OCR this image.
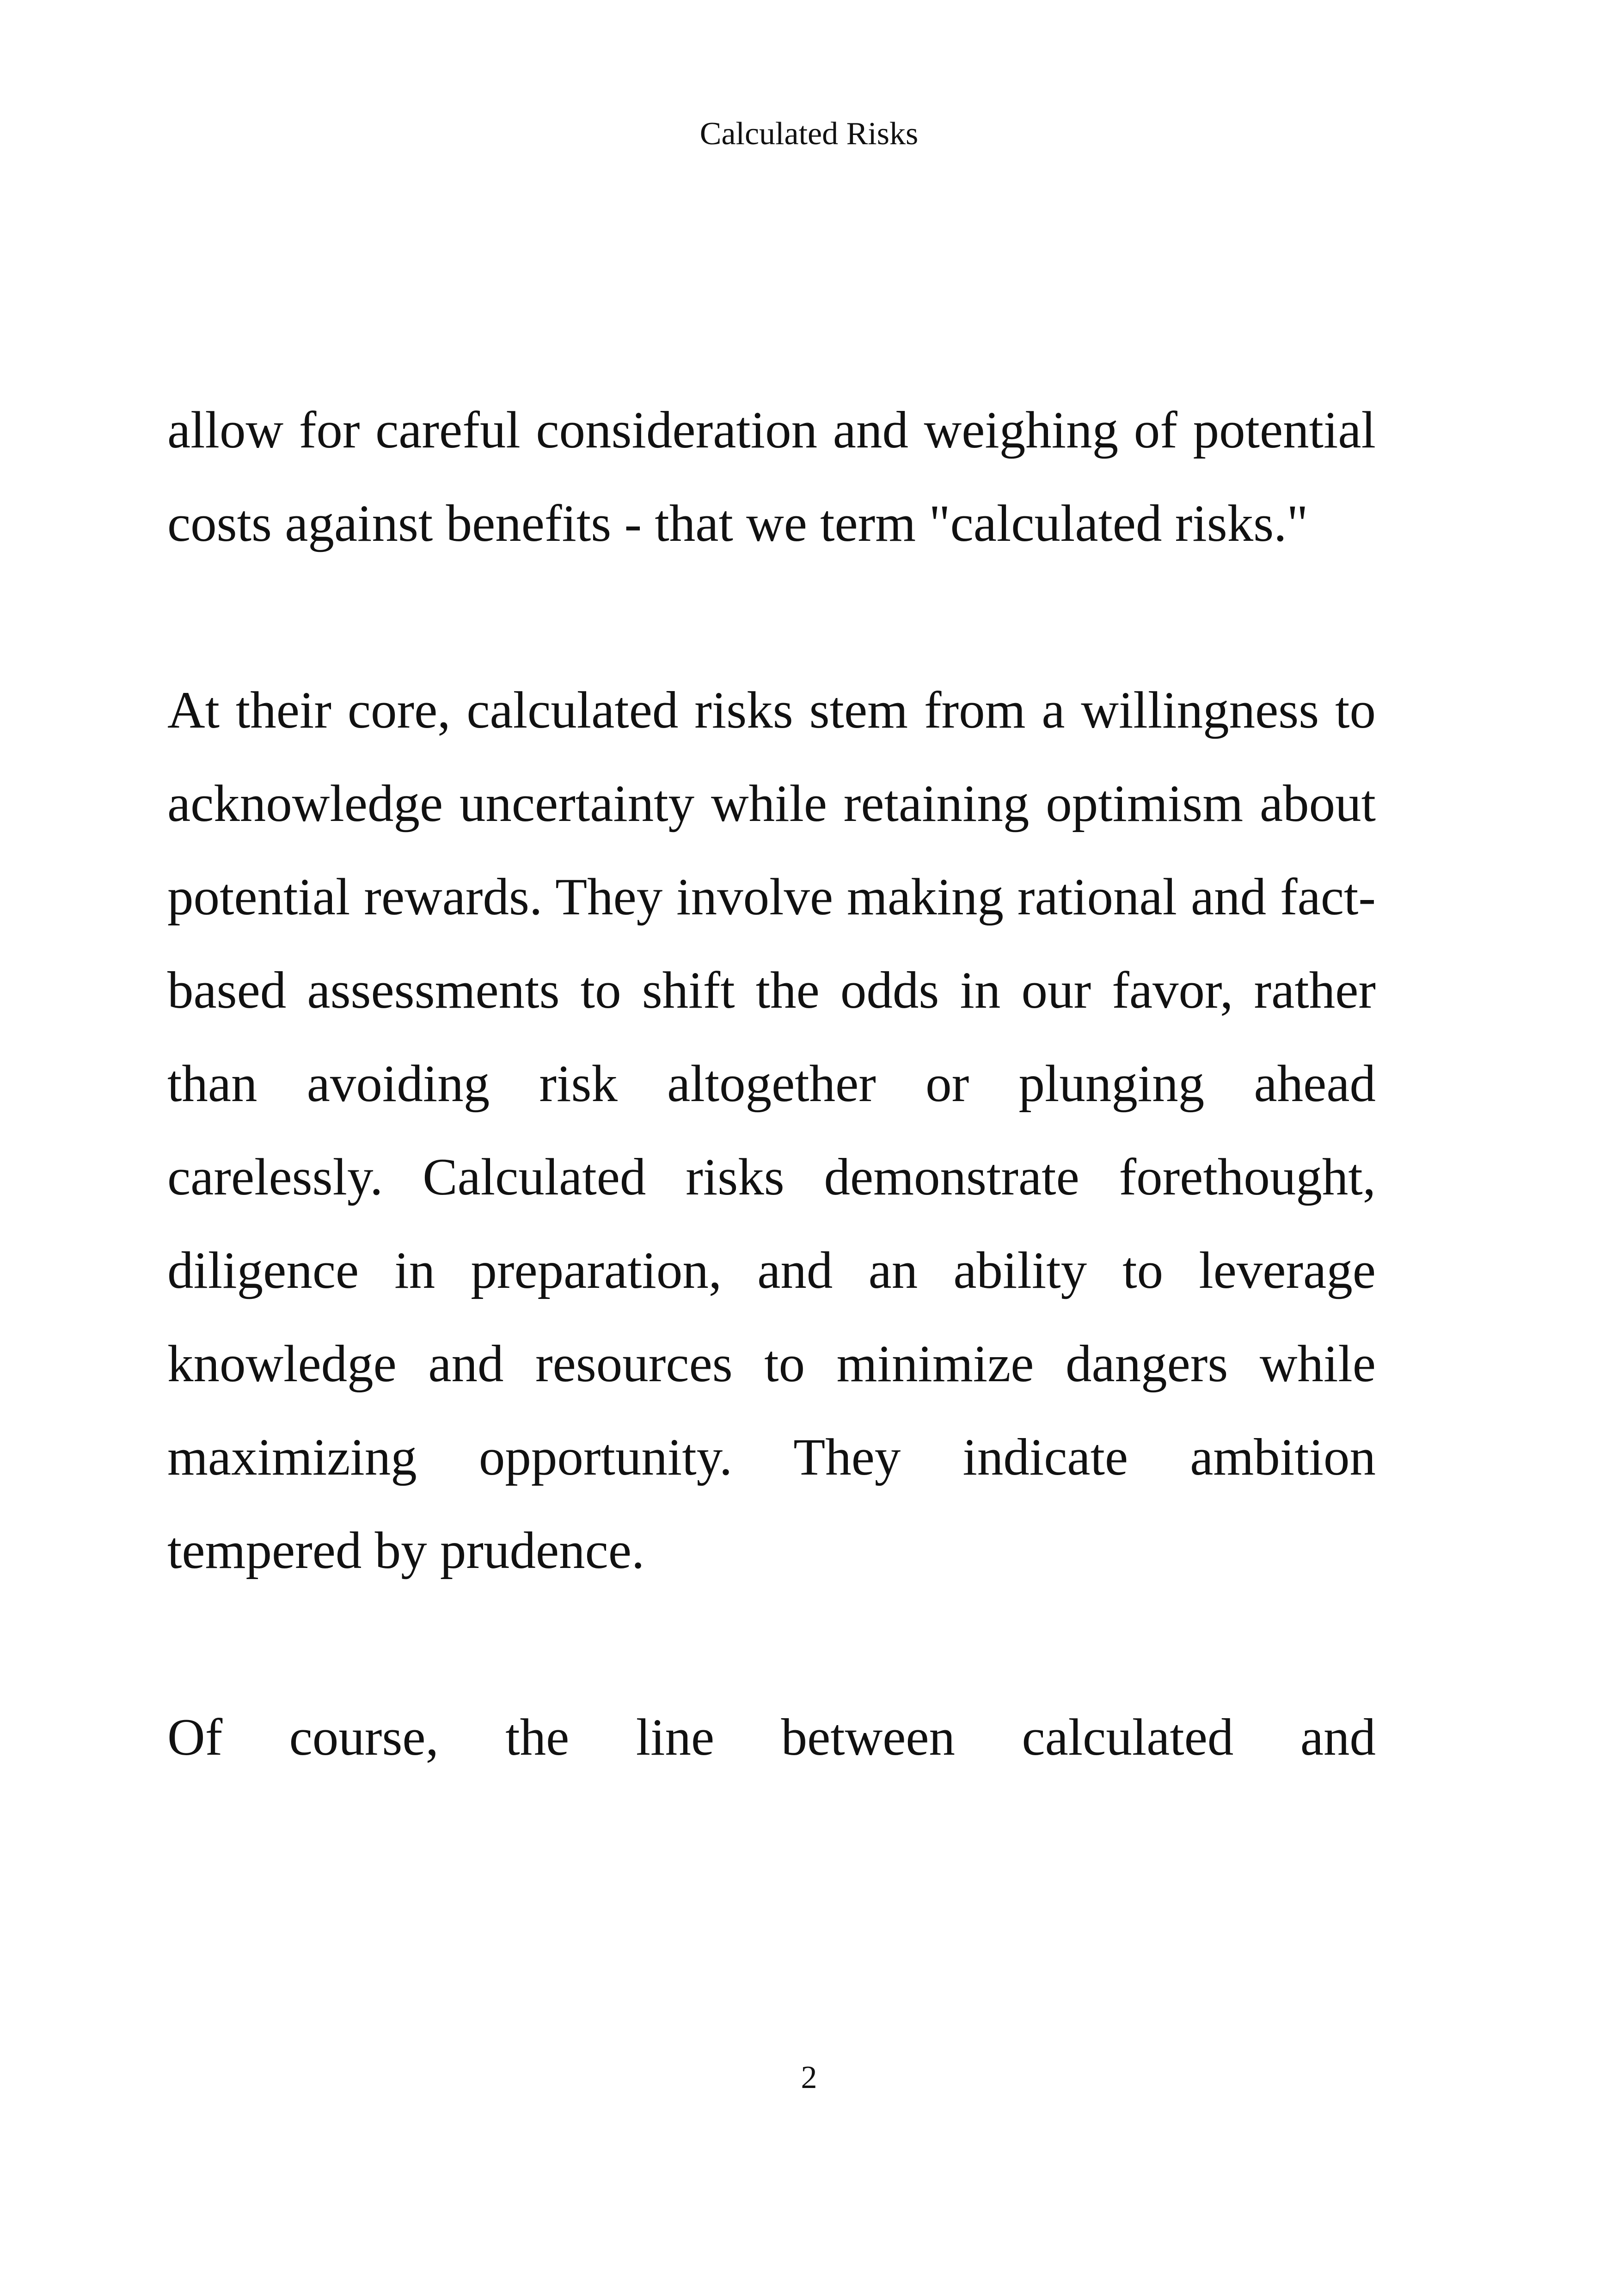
Calculated Risks

allow for careful consideration and weighing of potential costs against benefits - that we term "calculated risks."

At their core, calculated risks stem from a willingness to acknowledge uncertainty while retaining optimism about potential rewards. They involve making rational and fact-based assessments to shift the odds in our favor, rather than avoiding risk altogether or plunging ahead carelessly. Calculated risks demonstrate forethought, diligence in preparation, and an ability to leverage knowledge and resources to minimize dangers while maximizing opportunity. They indicate ambition tempered by prudence.

Of course, the line between calculated and

2
